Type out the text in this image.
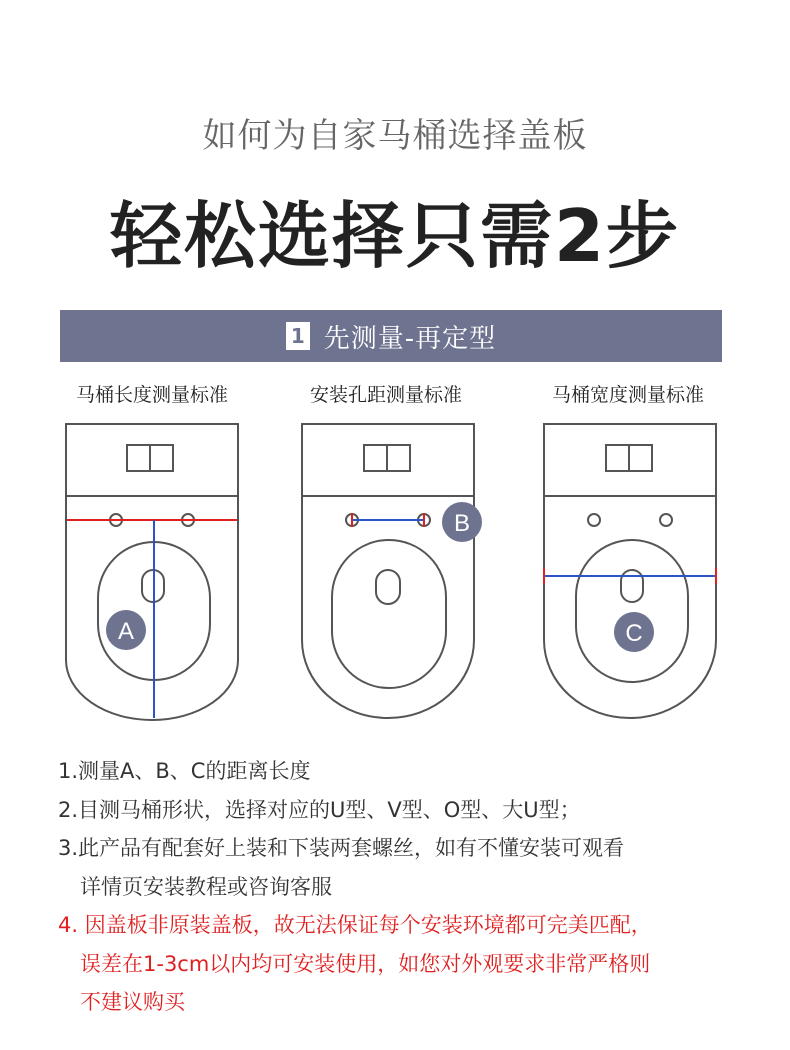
如何为自家马桶选择盖板
轻松选择只需2步
1 先测量-再定型
马桶长度测量标准	安装孔距测量标准	马桶宽度测量标准
A
B
C
1.测量A、B、C的距离长度
2.目测马桶形状，选择对应的U型、V型、O型、大U型；
3.此产品有配套好上装和下装两套螺丝，如有不懂安装可观看
详情页安装教程或咨询客服
4. 因盖板非原装盖板，故无法保证每个安装环境都可完美匹配，
误差在1-3cm以内均可安装使用，如您对外观要求非常严格则
不建议购买
